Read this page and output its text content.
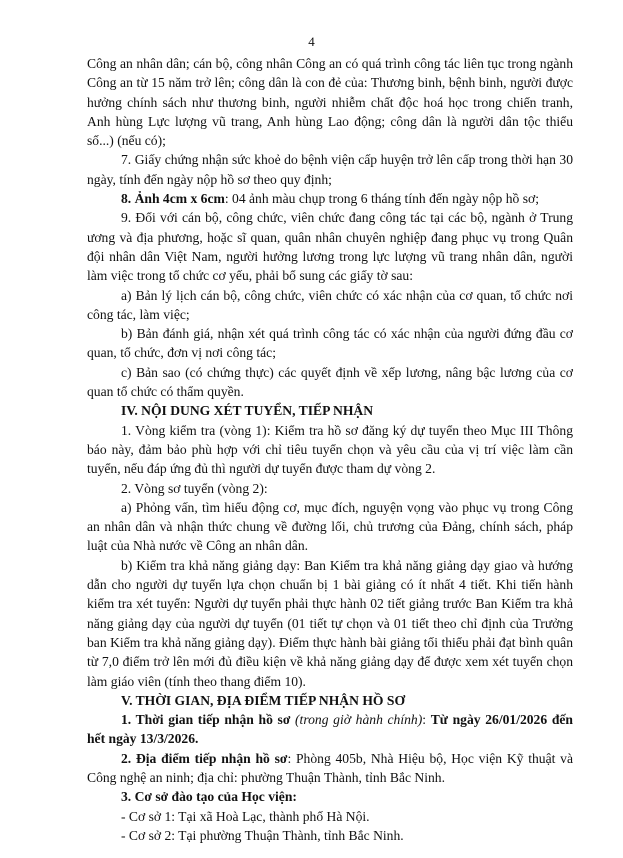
4

Công an nhân dân; cán bộ, công nhân Công an có quá trình công tác liên tục trong ngành Công an từ 15 năm trở lên; công dân là con đẻ của: Thương binh, bệnh binh, người được hưởng chính sách như thương binh, người nhiễm chất độc hoá học trong chiến tranh, Anh hùng Lực lượng vũ trang, Anh hùng Lao động; công dân là người dân tộc thiểu số...) (nếu có);

7. Giấy chứng nhận sức khoẻ do bệnh viện cấp huyện trở lên cấp trong thời hạn 30 ngày, tính đến ngày nộp hồ sơ theo quy định;

8. Ảnh 4cm x 6cm: 04 ảnh màu chụp trong 6 tháng tính đến ngày nộp hồ sơ;

9. Đối với cán bộ, công chức, viên chức đang công tác tại các bộ, ngành ở Trung ương và địa phương, hoặc sĩ quan, quân nhân chuyên nghiệp đang phục vụ trong Quân đội nhân dân Việt Nam, người hưởng lương trong lực lượng vũ trang nhân dân, người làm việc trong tổ chức cơ yếu, phải bổ sung các giấy tờ sau:

a) Bản lý lịch cán bộ, công chức, viên chức có xác nhận của cơ quan, tổ chức nơi công tác, làm việc;

b) Bản đánh giá, nhận xét quá trình công tác có xác nhận của người đứng đầu cơ quan, tổ chức, đơn vị nơi công tác;

c) Bản sao (có chứng thực) các quyết định về xếp lương, nâng bậc lương của cơ quan tổ chức có thẩm quyền.

IV. NỘI DUNG XÉT TUYỂN, TIẾP NHẬN

1. Vòng kiểm tra (vòng 1): Kiểm tra hồ sơ đăng ký dự tuyển theo Mục III Thông báo này, đảm bảo phù hợp với chỉ tiêu tuyển chọn và yêu cầu của vị trí việc làm cần tuyển, nếu đáp ứng đủ thì người dự tuyển được tham dự vòng 2.

2. Vòng sơ tuyển (vòng 2):

a) Phỏng vấn, tìm hiểu động cơ, mục đích, nguyện vọng vào phục vụ trong Công an nhân dân và nhận thức chung về đường lối, chủ trương của Đảng, chính sách, pháp luật của Nhà nước về Công an nhân dân.

b) Kiểm tra khả năng giảng dạy: Ban Kiểm tra khả năng giảng dạy giao và hướng dẫn cho người dự tuyển lựa chọn chuẩn bị 1 bài giảng có ít nhất 4 tiết. Khi tiến hành kiểm tra xét tuyển: Người dự tuyển phải thực hành 02 tiết giảng trước Ban Kiểm tra khả năng giảng dạy của người dự tuyển (01 tiết tự chọn và 01 tiết theo chỉ định của Trưởng ban Kiểm tra khả năng giảng dạy). Điểm thực hành bài giảng tối thiểu phải đạt bình quân từ 7,0 điểm trở lên mới đủ điều kiện về khả năng giảng dạy để được xem xét tuyển chọn làm giáo viên (tính theo thang điểm 10).

V. THỜI GIAN, ĐỊA ĐIỂM TIẾP NHẬN HỒ SƠ

1. Thời gian tiếp nhận hồ sơ (trong giờ hành chính): Từ ngày 26/01/2026 đến hết ngày 13/3/2026.

2. Địa điểm tiếp nhận hồ sơ: Phòng 405b, Nhà Hiệu bộ, Học viện Kỹ thuật và Công nghệ an ninh; địa chỉ: phường Thuận Thành, tỉnh Bắc Ninh.

3. Cơ sở đào tạo của Học viện:

- Cơ sở 1: Tại xã Hoà Lạc, thành phố Hà Nội.

- Cơ sở 2: Tại phường Thuận Thành, tỉnh Bắc Ninh.
